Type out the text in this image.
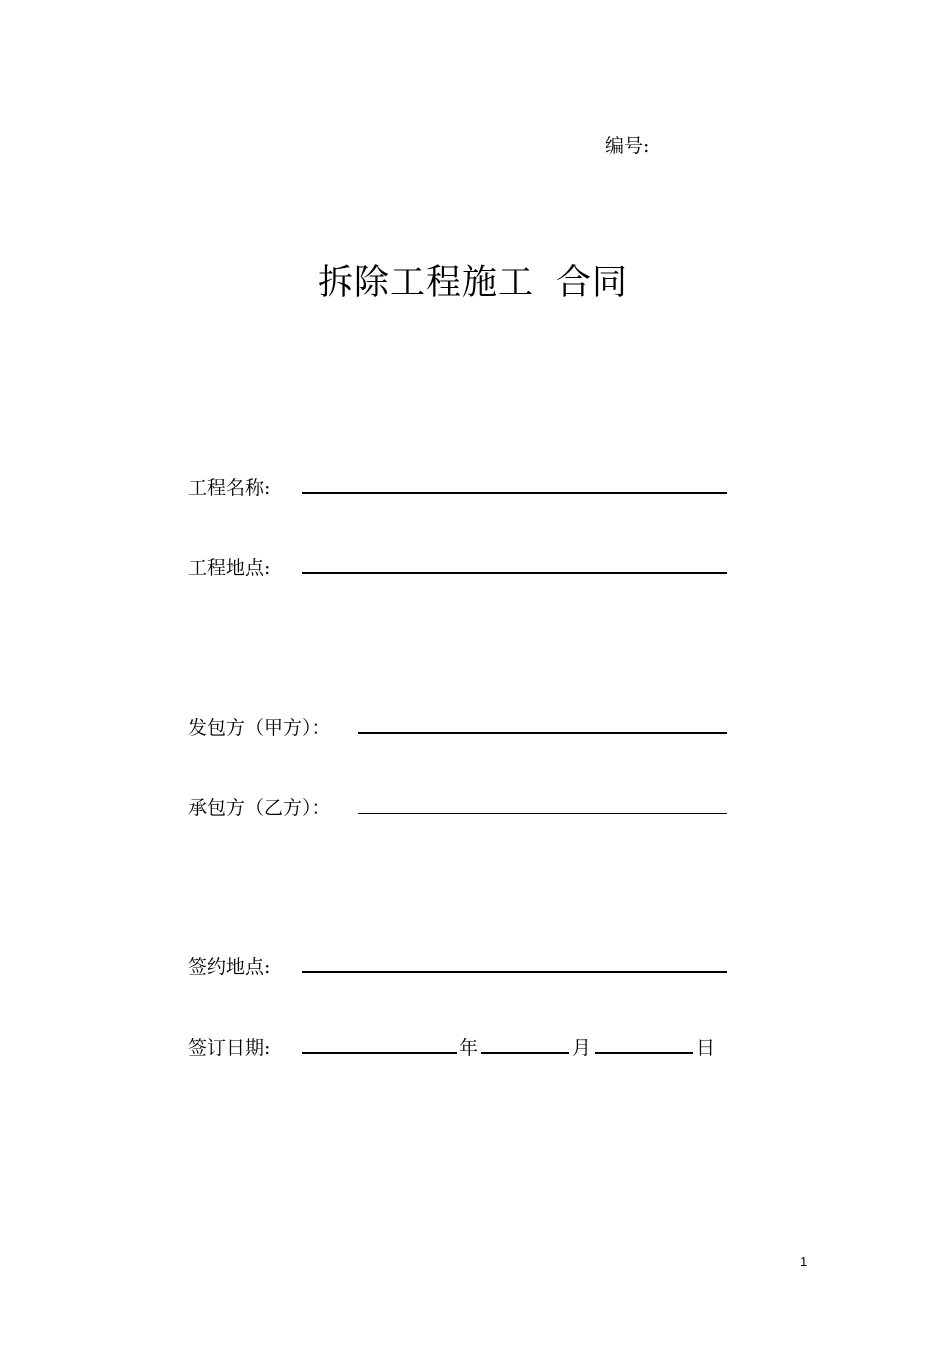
编号:
拆除工程施工 合同
工程名称:
工程地点:
发包方（甲方）：
承包方（乙方）：
签约地点:
签订日期:	年	月	日
1
